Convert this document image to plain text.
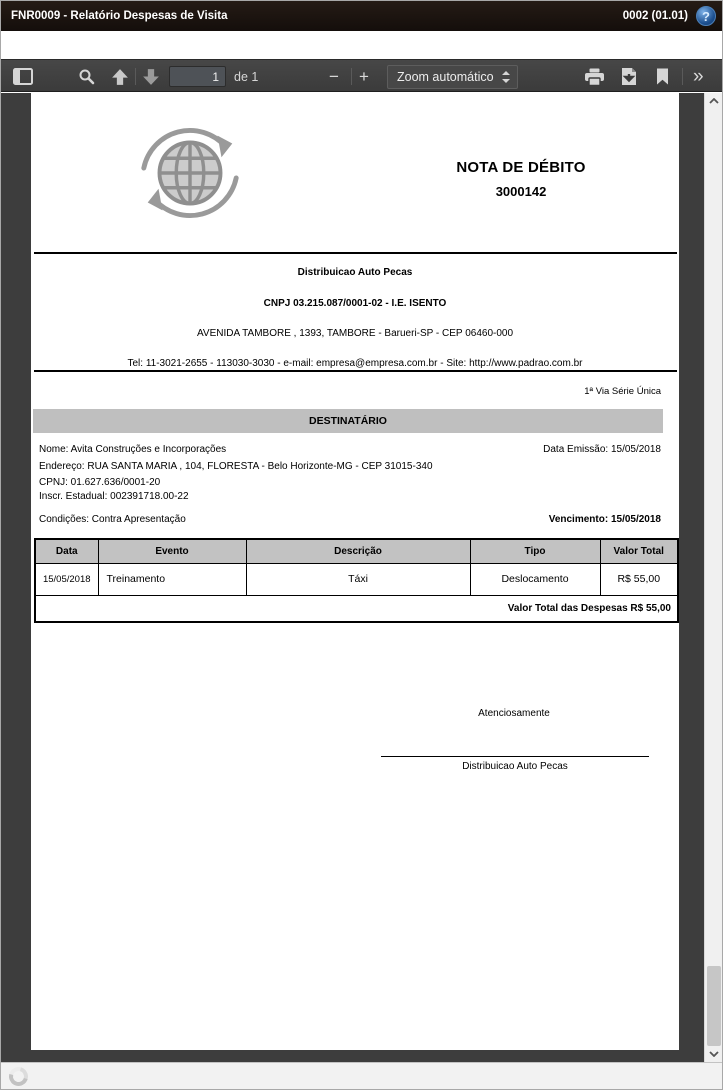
FNR0009 - Relatório Despesas de Visita	0002 (01.01)	?
1
de 1	− + Zoom automático	»
NOTA DE DÉBITO
3000142
Distribuicao Auto Pecas
CNPJ 03.215.087/0001-02 - I.E. ISENTO
AVENIDA TAMBORE , 1393, TAMBORE - Barueri-SP - CEP 06460-000
Tel: 11-3021-2655 - 113030-3030 - e-mail: empresa@empresa.com.br - Site: http://www.padrao.com.br
1ª Via Série Única
DESTINATÁRIO
Nome: Avita Construções e Incorporações	Data Emissão: 15/05/2018
Endereço: RUA SANTA MARIA , 104, FLORESTA - Belo Horizonte-MG - CEP 31015-340
CPNJ: 01.627.636/0001-20
Inscr. Estadual: 002391718.00-22
Condições: Contra Apresentação	Vencimento: 15/05/2018
Data	Evento	Descrição	Tipo	Valor Total
15/05/2018	Treinamento	Táxi	Deslocamento	R$ 55,00
Valor Total das Despesas R$ 55,00				
Atenciosamente
Distribuicao Auto Pecas
